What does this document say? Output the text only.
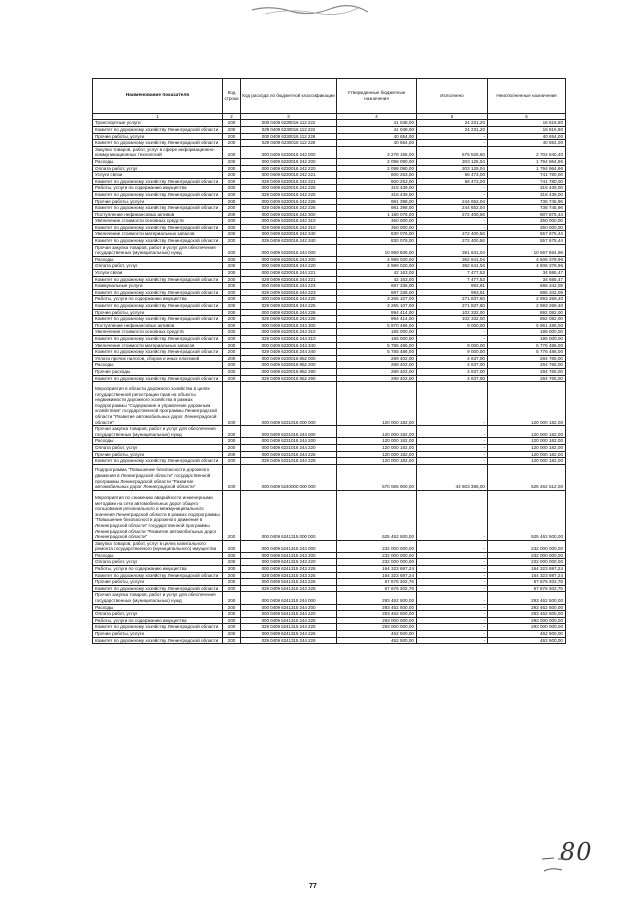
Наименование показателя	Код строки	Код расхода по бюджетной классификации	Утвержденные бюджетные назначения	Исполнено	Неисполненные назначения
1	2	3	4	5	6
Транспортные услуги	200	000 0409 6230016 112 222	41 048,00	24 231,20	16 816,80
Комитет по дорожному хозяйству Ленинградской области	200	029 0409 6230016 112 222	41 048,00	24 231,20	16 816,80
Прочие работы, услуги	200	000 0409 6230016 112 226	40 654,00	-	40 654,00
Комитет по дорожному хозяйству Ленинградской области	200	029 0409 6230016 112 226	40 654,00	-	40 654,00
Закупка товаров, работ, услуг в сфере информационно-коммуникационных технологий	200	000 0409 6230016 242 000	3 278 166,00	575 525,60	2 702 640,40
Расходы	200	000 0409 6230016 242 200	2 098 090,00	303 125,04	1 794 964,96
Оплата работ, услуг	200	000 0409 6230016 242 220	2 098 090,00	303 125,04	1 794 964,96
Услуги связи	200	000 0409 6230016 242 221	800 253,00	58 473,00	741 780,00
Комитет по дорожному хозяйству Ленинградской области	200	029 0409 6230016 242 221	800 253,00	58 473,00	741 780,00
Работы, услуги по содержанию имущества	200	000 0409 6230016 242 225	316 439,00	-	316 439,00
Комитет по дорожному хозяйству Ленинградской области	200	029 0409 6230016 242 225	316 439,00	-	316 439,00
Прочие работы, услуги	200	000 0409 6230016 242 226	981 398,00	244 652,04	736 745,96
Комитет по дорожному хозяйству Ленинградской области	200	029 0409 6230016 242 226	981 398,00	244 652,04	736 745,96
Поступление нефинансовых активов	200	000 0409 6230016 242 300	1 180 076,00	272 400,56	907 675,44
Увеличение стоимости основных средств	200	000 0409 6230016 242 310	350 000,00	-	350 000,00
Комитет по дорожному хозяйству Ленинградской области	200	029 0409 6230016 242 310	350 000,00	-	350 000,00
Увеличение стоимости материальных запасов	200	000 0409 6230016 242 340	830 076,00	272 400,56	557 675,44
Комитет по дорожному хозяйству Ленинградской области	200	029 0409 6230016 242 340	830 076,00	272 400,56	557 675,44
Прочая закупка товаров, работ и услуг для обеспечения государственных (муниципальных) нужд	200	000 0409 6230016 244 000	10 959 506,00	391 641,04	10 567 864,96
Расходы	200	000 0409 6230016 244 200	4 989 020,00	382 641,04	4 606 378,96
Оплата работ, услуг	200	000 0409 6230016 244 220	4 989 020,00	382 641,04	4 606 378,96
Услуги связи	200	000 0409 6230016 244 221	42 163,00	7 477,53	34 685,47
Комитет по дорожному хозяйству Ленинградской области	200	029 0409 6230016 244 221	42 163,00	7 477,53	34 685,47
Коммунальные услуги	200	000 0409 6230016 244 223	687 336,00	993,91	686 342,09
Комитет по дорожному хозяйству Ленинградской области	200	029 0409 6230016 244 223	687 336,00	993,91	686 342,09
Работы, услуги по содержанию имущества	200	000 0409 6230016 244 225	3 265 107,00	271 837,60	2 993 269,40
Комитет по дорожному хозяйству Ленинградской области	200	029 0409 6230016 244 225	3 265 107,00	271 837,60	2 993 269,40
Прочие работы, услуги	200	000 0409 6230016 244 226	994 414,00	102 332,00	892 082,00
Комитет по дорожному хозяйству Ленинградской области	200	029 0409 6230016 244 226	994 414,00	102 332,00	892 082,00
Поступление нефинансовых активов	200	000 0409 6230016 244 300	5 970 486,00	9 000,00	5 961 486,00
Увеличение стоимости основных средств	200	000 0409 6230016 244 310	185 000,00	-	185 000,00
Комитет по дорожному хозяйству Ленинградской области	200	029 0409 6230016 244 310	185 000,00	-	185 000,00
Увеличение стоимости материальных запасов	200	000 0409 6230016 244 340	5 785 486,00	9 000,00	5 776 486,00
Комитет по дорожному хозяйству Ленинградской области	200	029 0409 6230016 244 340	5 785 486,00	9 000,00	5 776 486,00
Уплата прочих налогов, сборов и иных платежей	200	000 0409 6230016 852 000	289 402,00	4 637,00	284 765,00
Расходы	200	000 0409 6230016 852 200	289 402,00	4 637,00	284 765,00
Прочие расходы	200	000 0409 6230016 852 290	289 402,00	4 637,00	284 765,00
Комитет по дорожному хозяйству Ленинградской области	200	029 0409 6230016 852 290	289 402,00	4 637,00	284 765,00
Мероприятия в области дорожного хозяйства в целях государственной регистрации прав на объекты недвижимости дорожного хозяйства в рамках подпрограммы "Содержание и управление дорожным хозяйством" государственной программы Ленинградской области "Развитие автомобильных дорог Ленинградской области"	200	000 0409 6231016 000 000	120 000 182,00	-	120 000 182,00
Прочая закупка товаров, работ и услуг для обеспечения государственных (муниципальных) нужд	200	000 0409 6231016 244 000	120 000 182,00	-	120 000 182,00
Расходы	200	000 0409 6231016 244 200	120 000 182,00	-	120 000 182,00
Оплата работ, услуг	200	000 0409 6231016 244 220	120 000 182,00	-	120 000 182,00
Прочие работы, услуги	200	000 0409 6231016 244 226	120 000 182,00	-	120 000 182,00
Комитет по дорожному хозяйству Ленинградской области	200	029 0409 6231016 244 226	120 000 182,00	-	120 000 182,00
Подпрограмма "Повышение безопасности дорожного движения в Ленинградской области" государственной программы Ленинградской области "Развитие автомобильных дорог Ленинградской области"	200	000 0409 6240000 000 000	570 065 900,00	44 603 388,00	525 462 512,00
Мероприятия по снижению аварийности инженерными методами на сети автомобильных дорог общего пользования регионального и межмуниципального значения Ленинградской области в рамках подпрограммы "Повышение безопасности дорожного движения в Ленинградской области" государственной программы Ленинградской области "Развитие автомобильных дорог Ленинградской области"	200	000 0409 6241315 000 000	525 462 500,00	-	525 462 500,00
Закупка товаров, работ, услуг в целях капитального ремонта государственного (муниципального) имущества	200	000 0409 6241315 243 000	232 000 000,00	-	232 000 000,00
Расходы	200	000 0409 6241315 243 200	232 000 000,00	-	232 000 000,00
Оплата работ, услуг	200	000 0409 6241315 243 220	232 000 000,00	-	232 000 000,00
Работы, услуги по содержанию имущества	200	000 0409 6241315 243 225	164 323 697,24	-	164 323 697,24
Комитет по дорожному хозяйству Ленинградской области	200	029 0409 6241315 243 225	164 323 697,24	-	164 323 697,24
Прочие работы, услуги	200	000 0409 6241315 243 226	67 676 302,76	-	67 676 302,76
Комитет по дорожному хозяйству Ленинградской области	200	029 0409 6241315 243 226	67 676 302,76	-	67 676 302,76
Прочая закупка товаров, работ и услуг для обеспечения государственных (муниципальных) нужд	200	000 0409 6241315 244 000	293 462 500,00	-	293 462 500,00
Расходы	200	000 0409 6241315 244 200	293 462 500,00	-	293 462 500,00
Оплата работ, услуг	200	000 0409 6241315 244 220	293 462 500,00	-	293 462 500,00
Работы, услуги по содержанию имущества	200	000 0409 6241315 244 225	293 000 000,00	-	293 000 000,00
Комитет по дорожному хозяйству Ленинградской области	200	029 0409 6241315 244 225	293 000 000,00	-	293 000 000,00
Прочие работы, услуги	200	000 0409 6241315 244 226	462 500,00	-	462 500,00
Комитет по дорожному хозяйству Ленинградской области	200	029 0409 6241315 244 226	462 500,00	-	462 500,00
80
77
